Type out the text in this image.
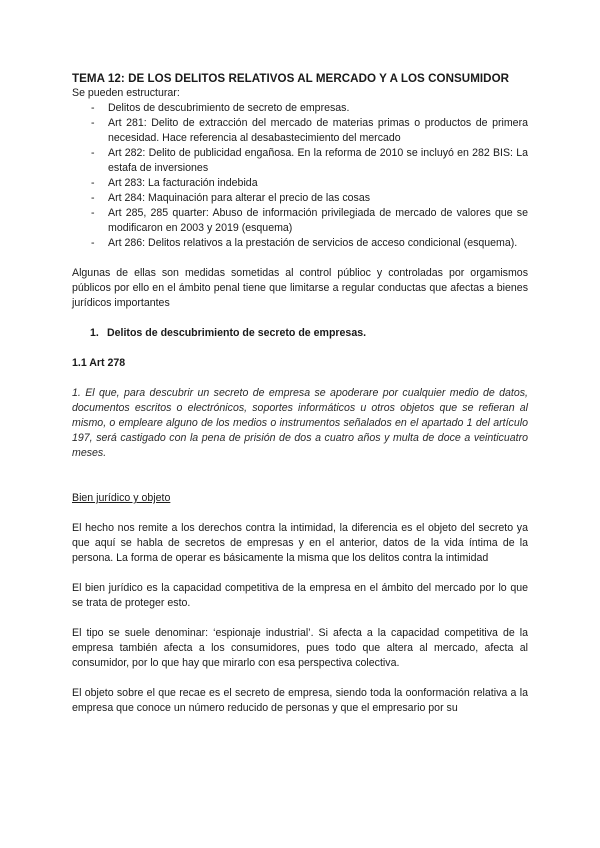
TEMA 12: DE LOS DELITOS RELATIVOS AL MERCADO Y A LOS CONSUMIDOR

Se pueden estructurar:

- Delitos de descubrimiento de secreto de empresas.
- Art 281: Delito de extracción del mercado de materias primas o productos de primera necesidad. Hace referencia al desabastecimiento del mercado
- Art 282: Delito de publicidad engañosa. En la reforma de 2010 se incluyó en 282 BIS: La estafa de inversiones
- Art 283: La facturación indebida
- Art 284: Maquinación para alterar el precio de las cosas
- Art 285, 285 quarter: Abuso de información privilegiada de mercado de valores que se modificaron en 2003 y 2019 (esquema)
- Art 286: Delitos relativos a la prestación de servicios de acceso condicional (esquema).

Algunas de ellas son medidas sometidas al control públioc y controladas por orgamismos públicos por ello en el ámbito penal tiene que limitarse a regular conductas que afectas a bienes jurídicos importantes

1. Delitos de descubrimiento de secreto de empresas.

1.1 Art 278

1. El que, para descubrir un secreto de empresa se apoderare por cualquier medio de datos, documentos escritos o electrónicos, soportes informáticos u otros objetos que se refieran al mismo, o empleare alguno de los medios o instrumentos señalados en el apartado 1 del artículo 197, será castigado con la pena de prisión de dos a cuatro años y multa de doce a veinticuatro meses.

Bien jurídico y objeto

El hecho nos remite a los derechos contra la intimidad, la diferencia es el objeto del secreto ya que aquí se habla de secretos de empresas y en el anterior, datos de la vida íntima de la persona. La forma de operar es básicamente la misma que los delitos contra la intimidad

El bien jurídico es la capacidad competitiva de la empresa en el ámbito del mercado por lo que se trata de proteger esto.

El tipo se suele denominar: ‘espionaje industrial’. Si afecta a la capacidad competitiva de la empresa también afecta a los consumidores, pues todo que altera al mercado, afecta al consumidor, por lo que hay que mirarlo con esa perspectiva colectiva.

El objeto sobre el que recae es el secreto de empresa, siendo toda la oonformación relativa a la empresa que conoce un número reducido de personas y que el empresario por su
